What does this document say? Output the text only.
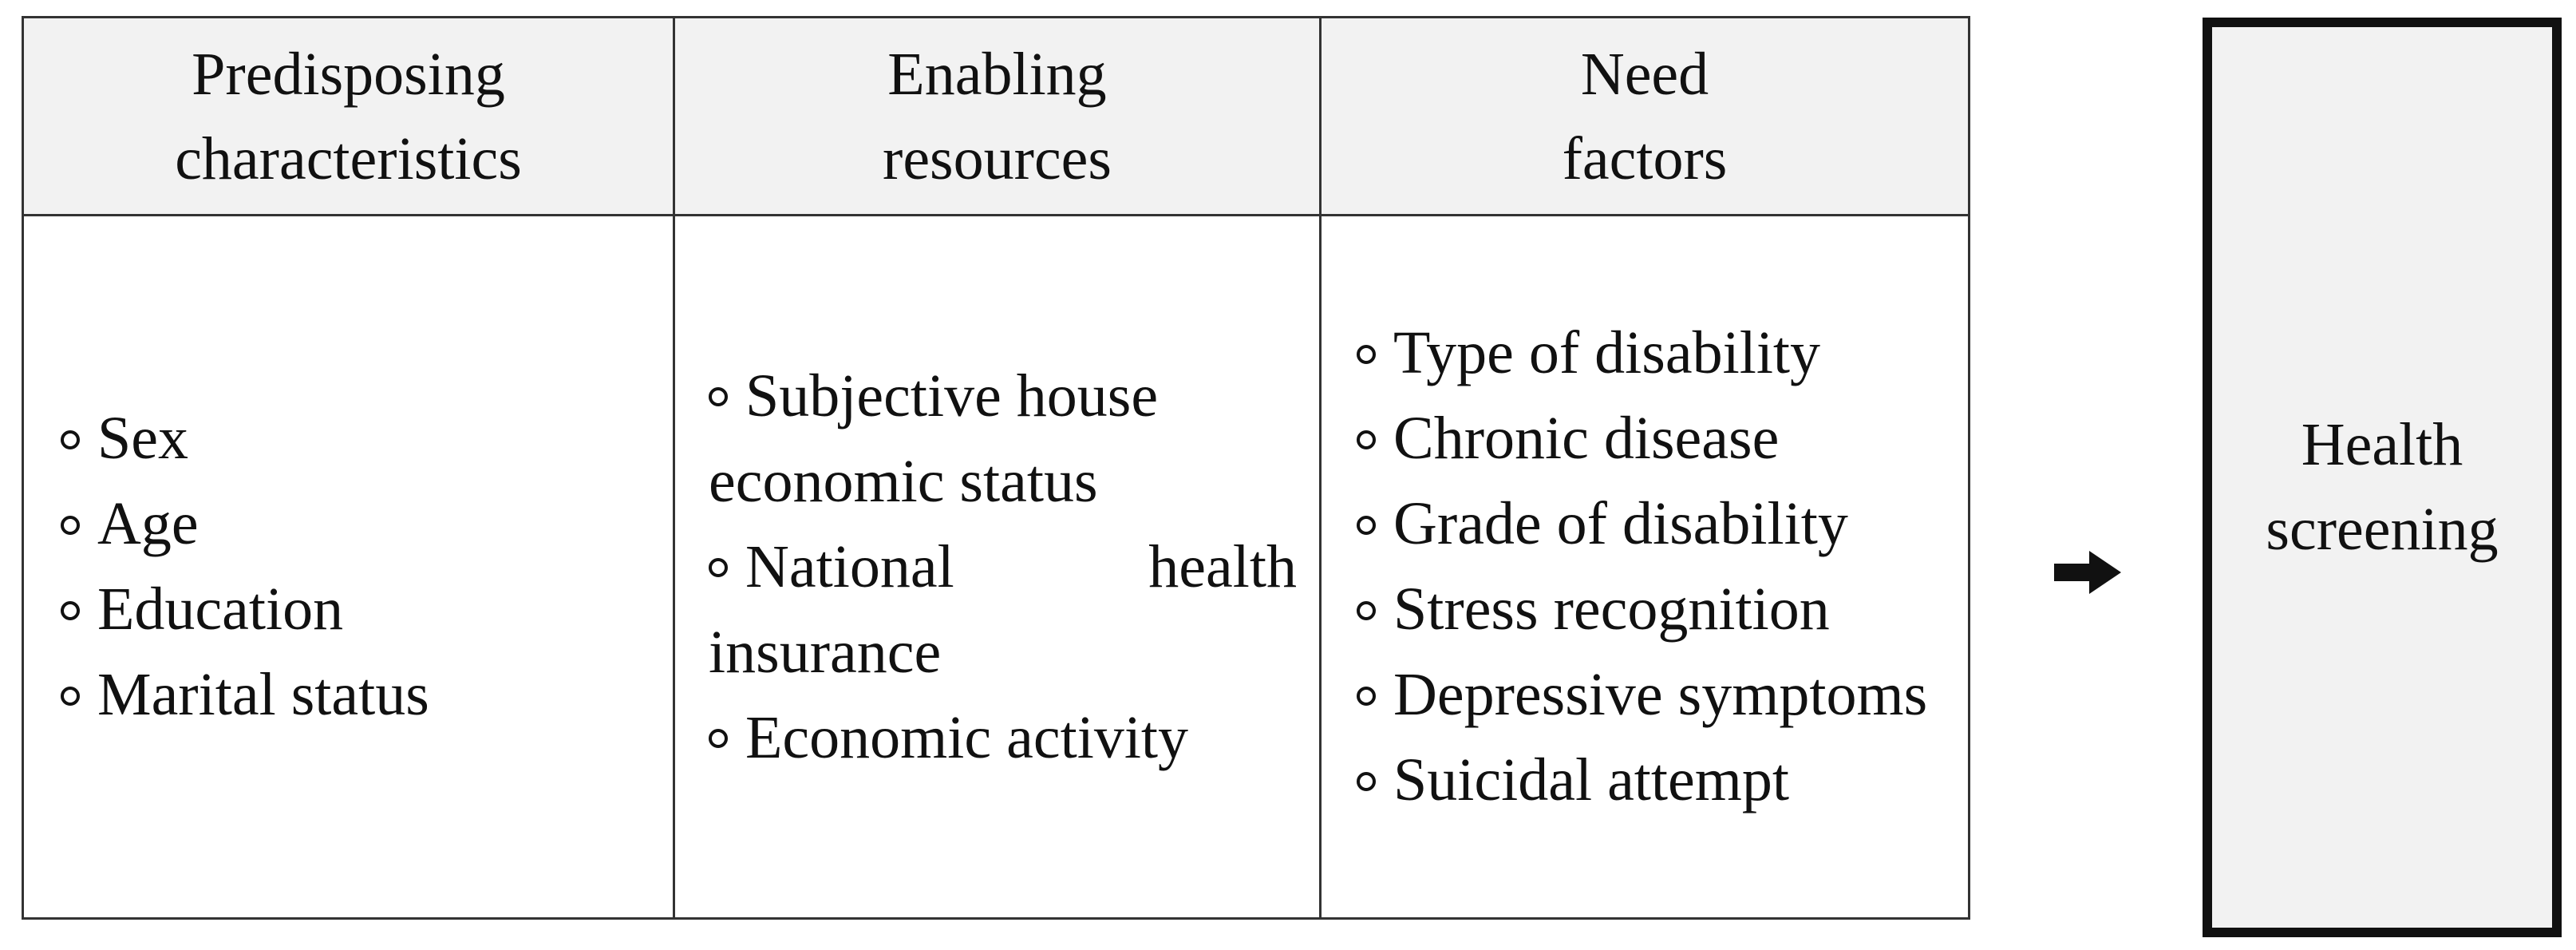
Predisposing
characteristics
Enabling
resources
Need
factors
Sex
Age
Education
Marital status
Subjective house economic status
National health insurance
Economic activity
Type of disability
Chronic disease
Grade of disability
Stress recognition
Depressive symptoms
Suicidal attempt
Health
screening
